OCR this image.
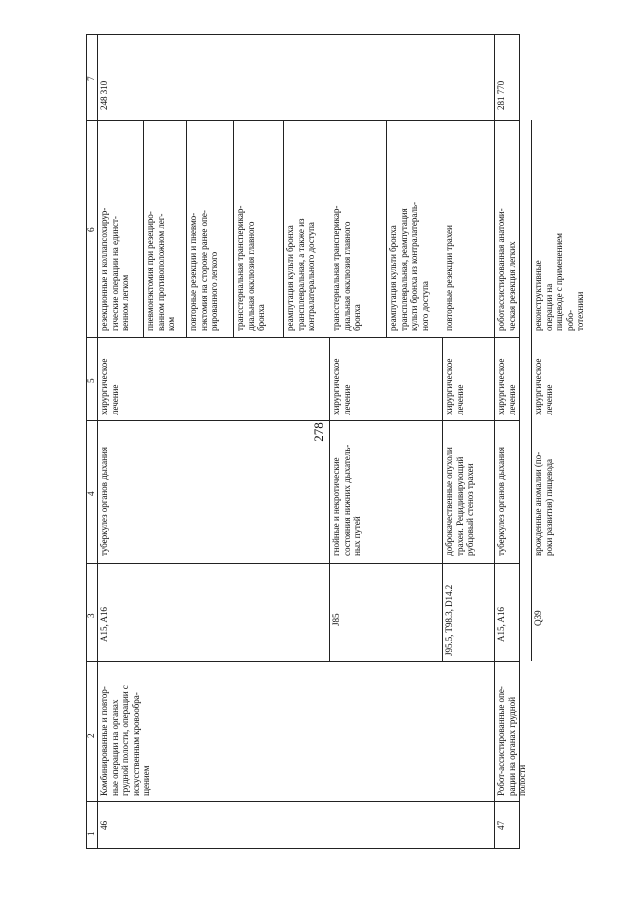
278
1
2
3
4
5
6
7
46
Комбинированные и повтор-
ные операции на органах
грудной полости, операции с
искусственным кровообра-
щением
248 310
A15, A16
туберкулез органов дыхания
хирургическое
лечение
резекционные и коллапсохирур-
гические операции на единст-
венном легком пневмонэктомия при резециро-
ванном противоположном лег-
ком повторные резекции и пневмо-
нэктомия на стороне ранее опе-
рированного легкого трансстернальная трансперикар-
диальная окклюзия главного
бронха реампутация культи бронха
трансплевральная, а также из
контралатерального доступа
J85
гнойные и некротические
состояния нижних дыхатель-
ных путей
хирургическое
лечение
трансстернальная трансперикар-
диальная окклюзия главного
бронха	реампутация культи бронха
трансплевральная, реампутация
культи бронха из контралатераль-
ного доступа
J95.5, T98.3, D14.2
доброкачественные опухоли
трахеи. Рецидивирующий
рубцовый стеноз трахеи
хирургическое
лечение
повторные резекции трахеи
47
Робот-ассистированные опе-
рации на органах грудной
полости
281 770
A15, A16
туберкулез органов дыхания
хирургическое
лечение
роботассистированная анатоми-
ческая резекция легких
Q39
врожденные аномалии (по-
роки развития) пищевода
хирургическое
лечение
реконструктивные операции на
пищеводе с применением робо-
тотехники
